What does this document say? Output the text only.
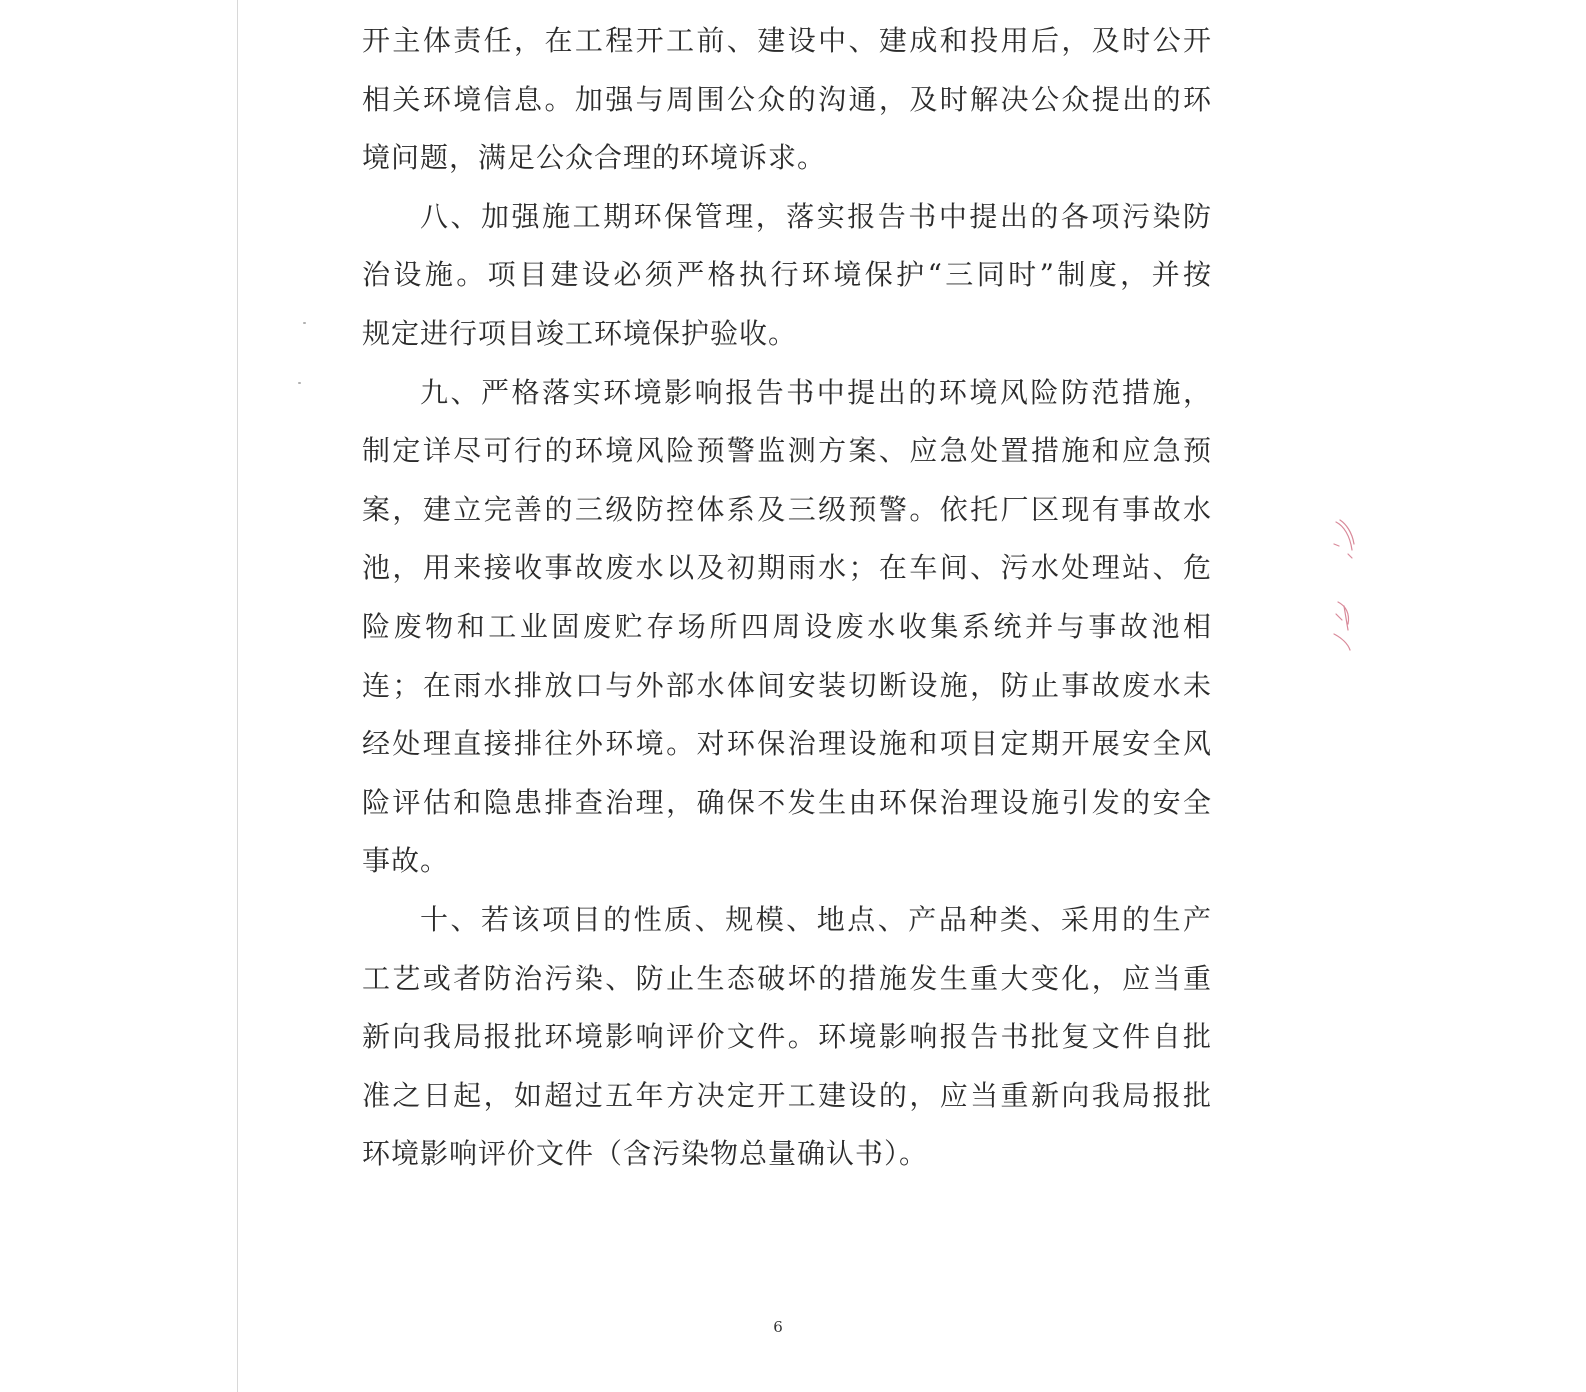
开主体责任，在工程开工前、建设中、建成和投用后，及时公开
相关环境信息。加强与周围公众的沟通，及时解决公众提出的环
境问题，满足公众合理的环境诉求。
八、加强施工期环保管理，落实报告书中提出的各项污染防
治设施。项目建设必须严格执行环境保护“三同时”制度，并按
规定进行项目竣工环境保护验收。
九、严格落实环境影响报告书中提出的环境风险防范措施，
制定详尽可行的环境风险预警监测方案、应急处置措施和应急预
案，建立完善的三级防控体系及三级预警。依托厂区现有事故水
池，用来接收事故废水以及初期雨水；在车间、污水处理站、危
险废物和工业固废贮存场所四周设废水收集系统并与事故池相
连；在雨水排放口与外部水体间安装切断设施，防止事故废水未
经处理直接排往外环境。对环保治理设施和项目定期开展安全风
险评估和隐患排查治理，确保不发生由环保治理设施引发的安全
事故。
十、若该项目的性质、规模、地点、产品种类、采用的生产
工艺或者防治污染、防止生态破坏的措施发生重大变化，应当重
新向我局报批环境影响评价文件。环境影响报告书批复文件自批
准之日起，如超过五年方决定开工建设的，应当重新向我局报批
环境影响评价文件（含污染物总量确认书）。
6
